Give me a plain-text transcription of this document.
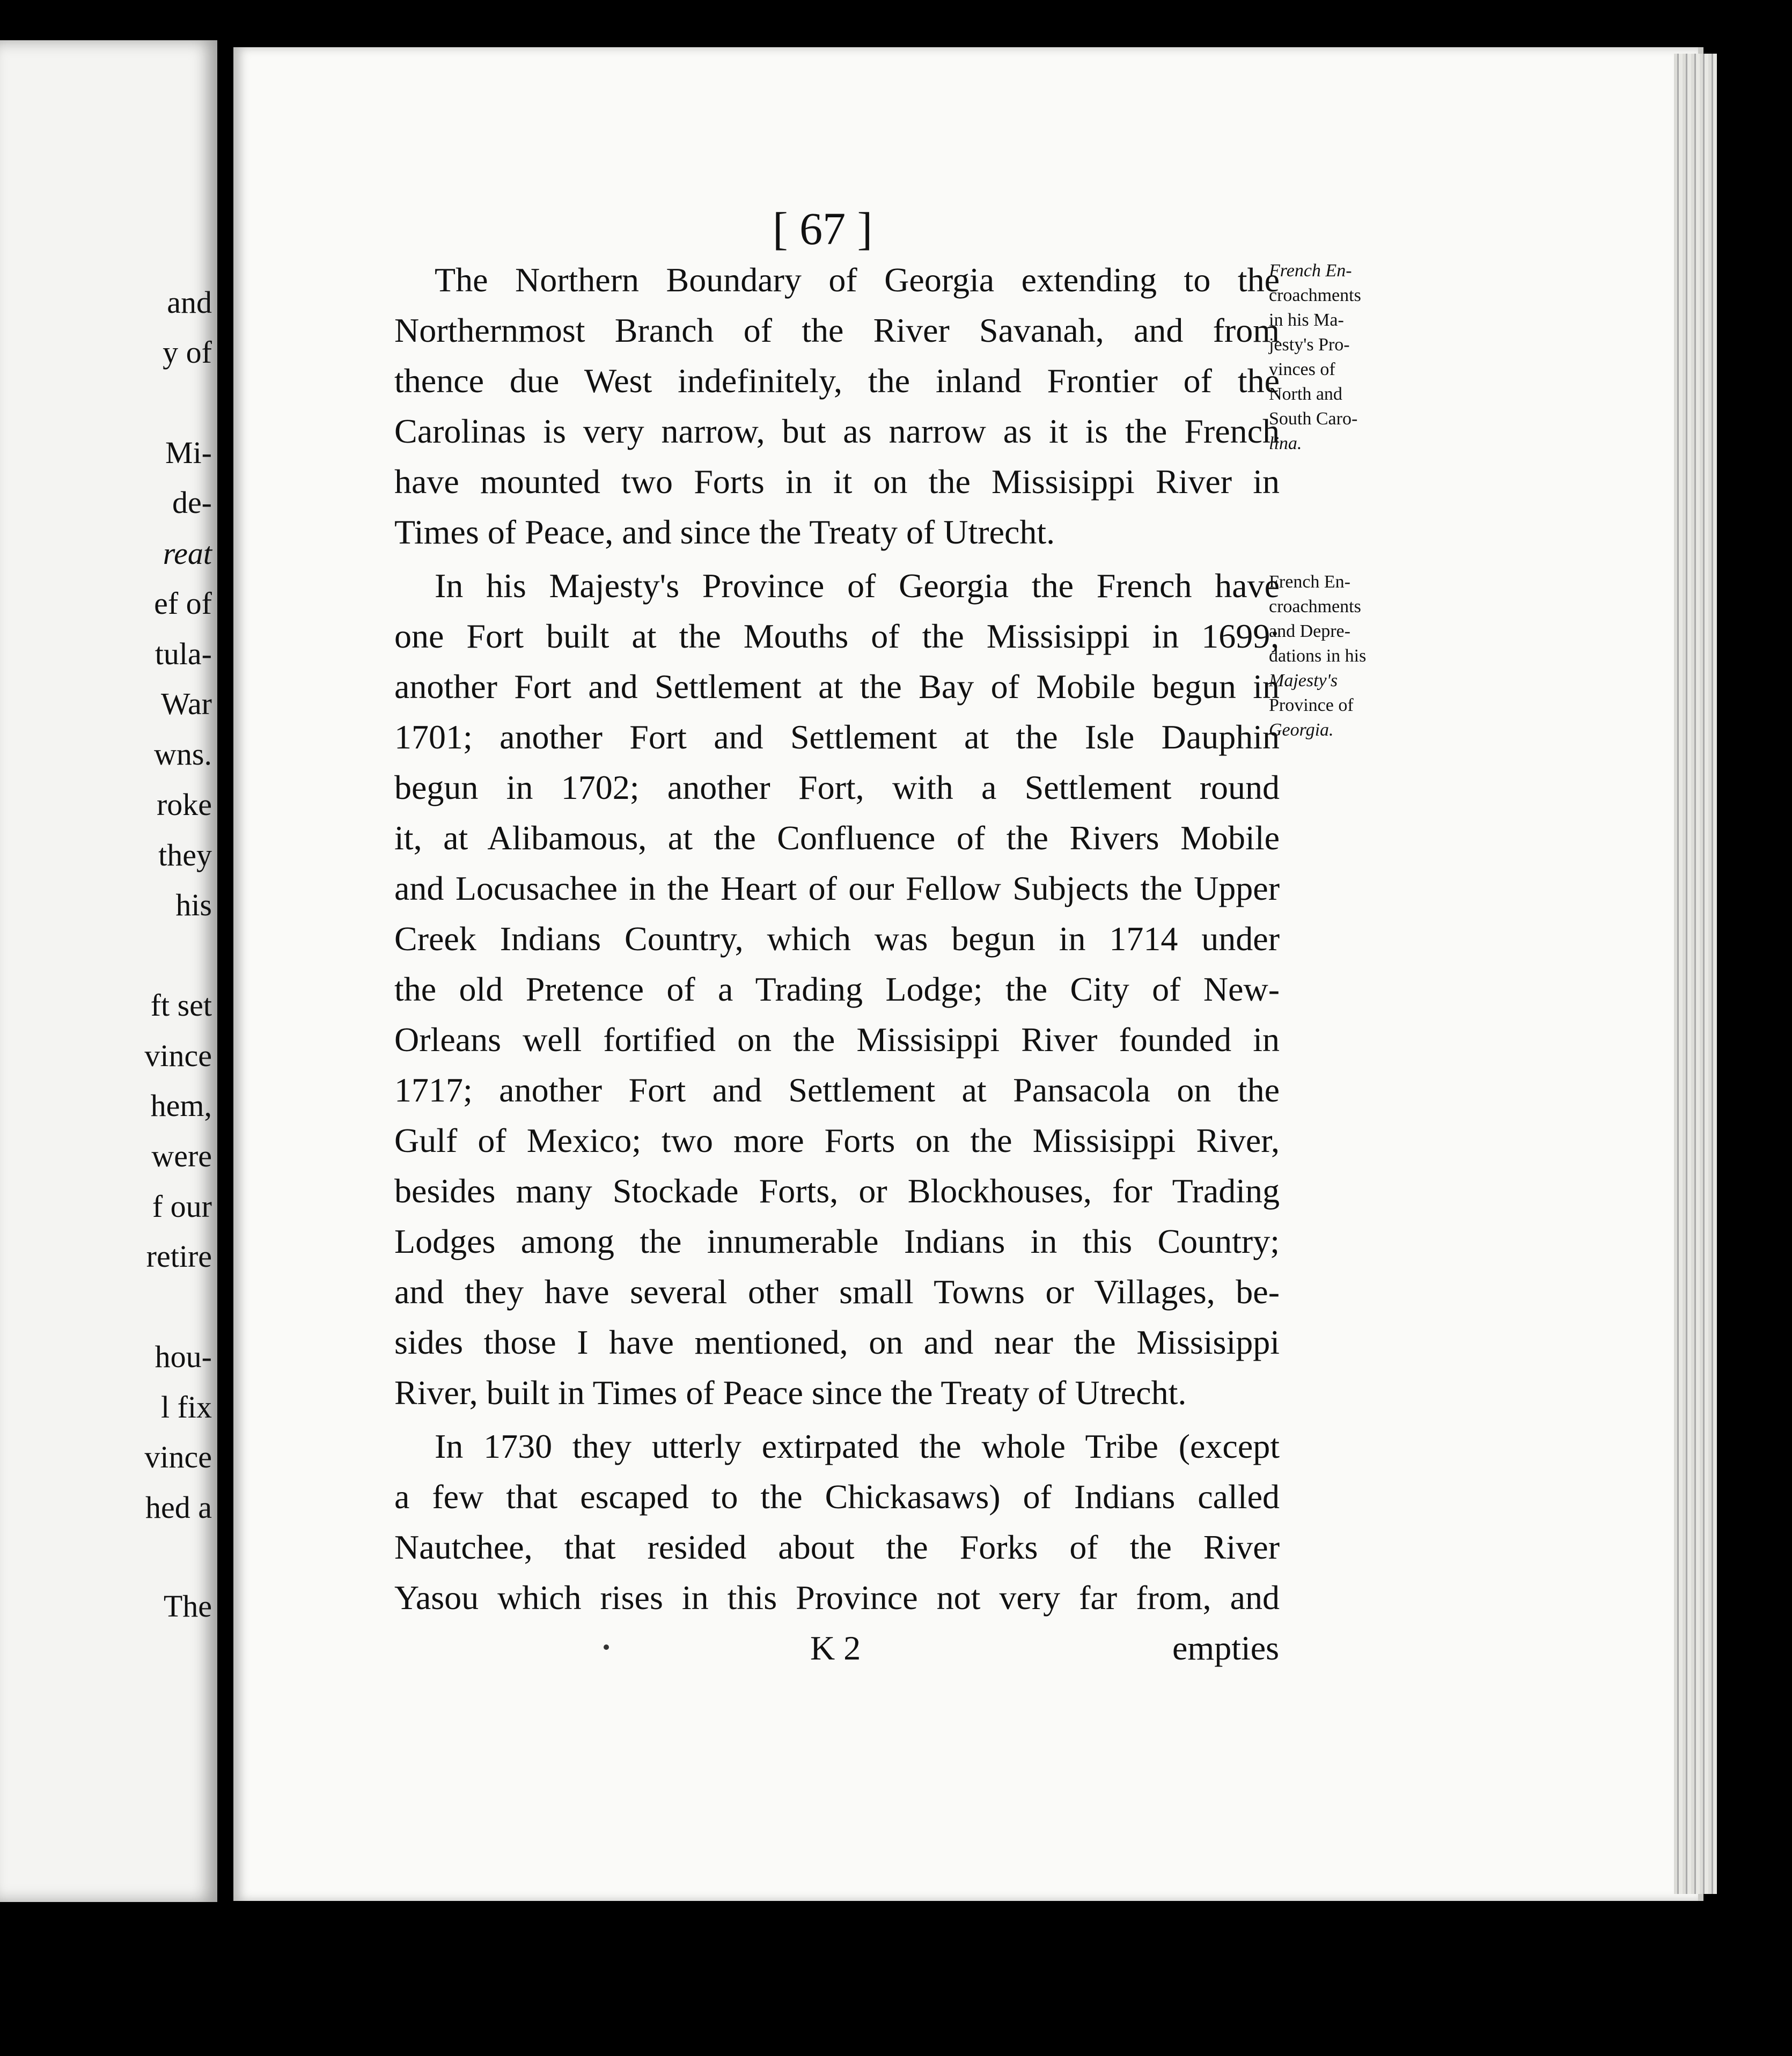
and
y of
Mi-
de-
reat
ef of
tula-
War
wns.
roke
they
his
ft set
vince
hem,
were
f our
retire
hou-
l fix
vince
hed a
The
[ 67 ]
The Northern Boundary of Georgia extending to the
Northernmost Branch of the River Savanah, and from
thence due West indefinitely, the inland Frontier of the
Carolinas is very narrow, but as narrow as it is the French
have mounted two Forts in it on the Missisippi River in
Times of Peace, and since the Treaty of Utrecht.
In his Majesty's Province of Georgia the French have
one Fort built at the Mouths of the Missisippi in 1699;
another Fort and Settlement at the Bay of Mobile begun in
1701; another Fort and Settlement at the Isle Dauphin
begun in 1702; another Fort, with a Settlement round
it, at Alibamous, at the Confluence of the Rivers Mobile
and Locusachee in the Heart of our Fellow Subjects the Upper
Creek Indians Country, which was begun in 1714 under
the old Pretence of a Trading Lodge; the City of New-
Orleans well fortified on the Missisippi River founded in
1717; another Fort and Settlement at Pansacola on the
Gulf of Mexico; two more Forts on the Missisippi River,
besides many Stockade Forts, or Blockhouses, for Trading
Lodges among the innumerable Indians in this Country;
and they have several other small Towns or Villages, be-
sides those I have mentioned, on and near the Missisippi
River, built in Times of Peace since the Treaty of Utrecht.
In 1730 they utterly extirpated the whole Tribe (except
a few that escaped to the Chickasaws) of Indians called
Nautchee, that resided about the Forks of the River
Yasou which rises in this Province not very far from, and
French En-
croachments
in his Ma-
jesty's Pro-
vinces of
North and
South Caro-
lina.
French En-
croachments
and Depre-
dations in his
Majesty's
Province of
Georgia.
K 2	empties
